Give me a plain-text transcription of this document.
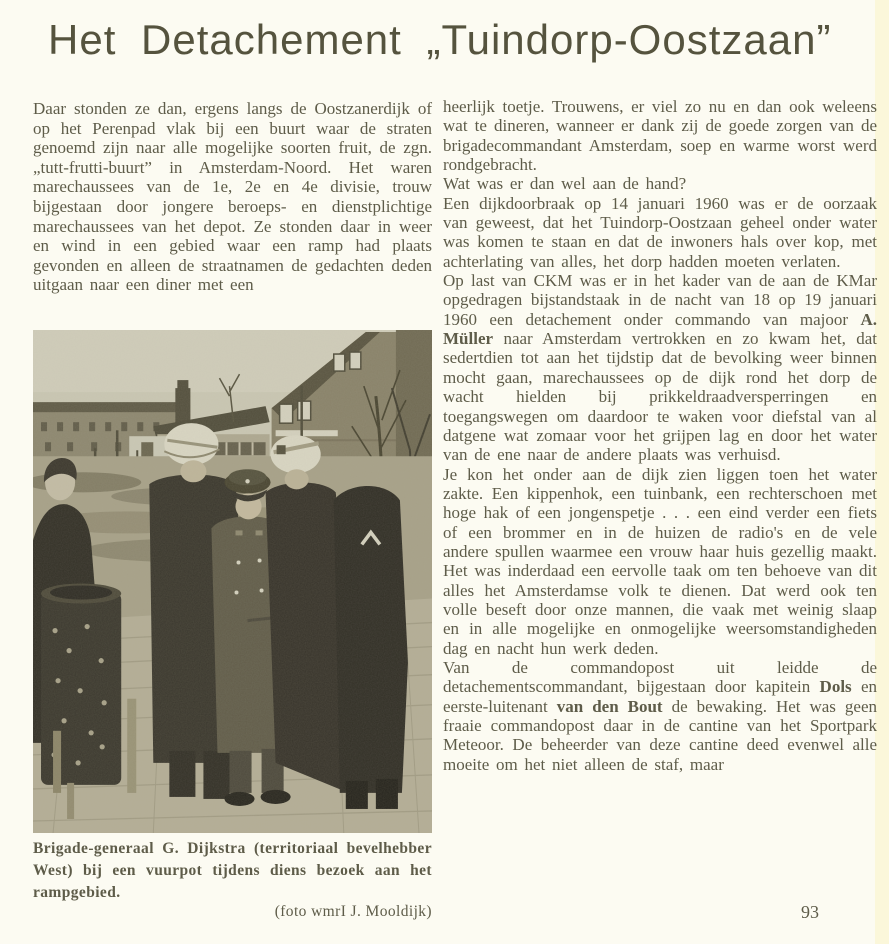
Het Detachement „Tuindorp-Oostzaan”

Daar stonden ze dan, ergens langs de Oostzanerdijk of op het Perenpad vlak bij een buurt waar de straten genoemd zijn naar alle mogelijke soorten fruit, de zgn. „tutt-frutti-buurt” in Amsterdam-Noord. Het waren marechaussees van de 1e, 2e en 4e divisie, trouw bijgestaan door jongere beroeps- en dienstplichtige marechaussees van het depot. Ze stonden daar in weer en wind in een gebied waar een ramp had plaats gevonden en alleen de straatnamen de gedachten deden uitgaan naar een diner met een

Brigade-generaal G. Dijkstra (territoriaal bevelhebber West) bij een vuurpot tijdens diens bezoek aan het rampgebied.
(foto wmrI J. Mooldijk)

heerlijk toetje. Trouwens, er viel zo nu en dan ook weleens wat te dineren, wanneer er dank zij de goede zorgen van de brigadecommandant Amsterdam, soep en warme worst werd rondgebracht.

Wat was er dan wel aan de hand?

Een dijkdoorbraak op 14 januari 1960 was er de oorzaak van geweest, dat het Tuindorp-Oostzaan geheel onder water was komen te staan en dat de inwoners hals over kop, met achterlating van alles, het dorp hadden moeten verlaten.

Op last van CKM was er in het kader van de aan de KMar opgedragen bijstandstaak in de nacht van 18 op 19 januari 1960 een detachement onder commando van majoor A. Müller naar Amsterdam vertrokken en zo kwam het, dat sedertdien tot aan het tijdstip dat de bevolking weer binnen mocht gaan, marechaussees op de dijk rond het dorp de wacht hielden bij prikkeldraadversperringen en toegangswegen om daardoor te waken voor diefstal van al datgene wat zomaar voor het grijpen lag en door het water van de ene naar de andere plaats was verhuisd.

Je kon het onder aan de dijk zien liggen toen het water zakte. Een kippenhok, een tuinbank, een rechterschoen met hoge hak of een jongenspetje . . . een eind verder een fiets of een brommer en in de huizen de radio's en de vele andere spullen waarmee een vrouw haar huis gezellig maakt.

Het was inderdaad een eervolle taak om ten behoeve van dit alles het Amsterdamse volk te dienen. Dat werd ook ten volle beseft door onze mannen, die vaak met weinig slaap en in alle mogelijke en onmogelijke weersomstandigheden dag en nacht hun werk deden.

Van de commandopost uit leidde de detachementscommandant, bijgestaan door kapitein Dols en eerste-luitenant van den Bout de bewaking. Het was geen fraaie commandopost daar in de cantine van het Sportpark Meteoor. De beheerder van deze cantine deed evenwel alle moeite om het niet alleen de staf, maar

93
